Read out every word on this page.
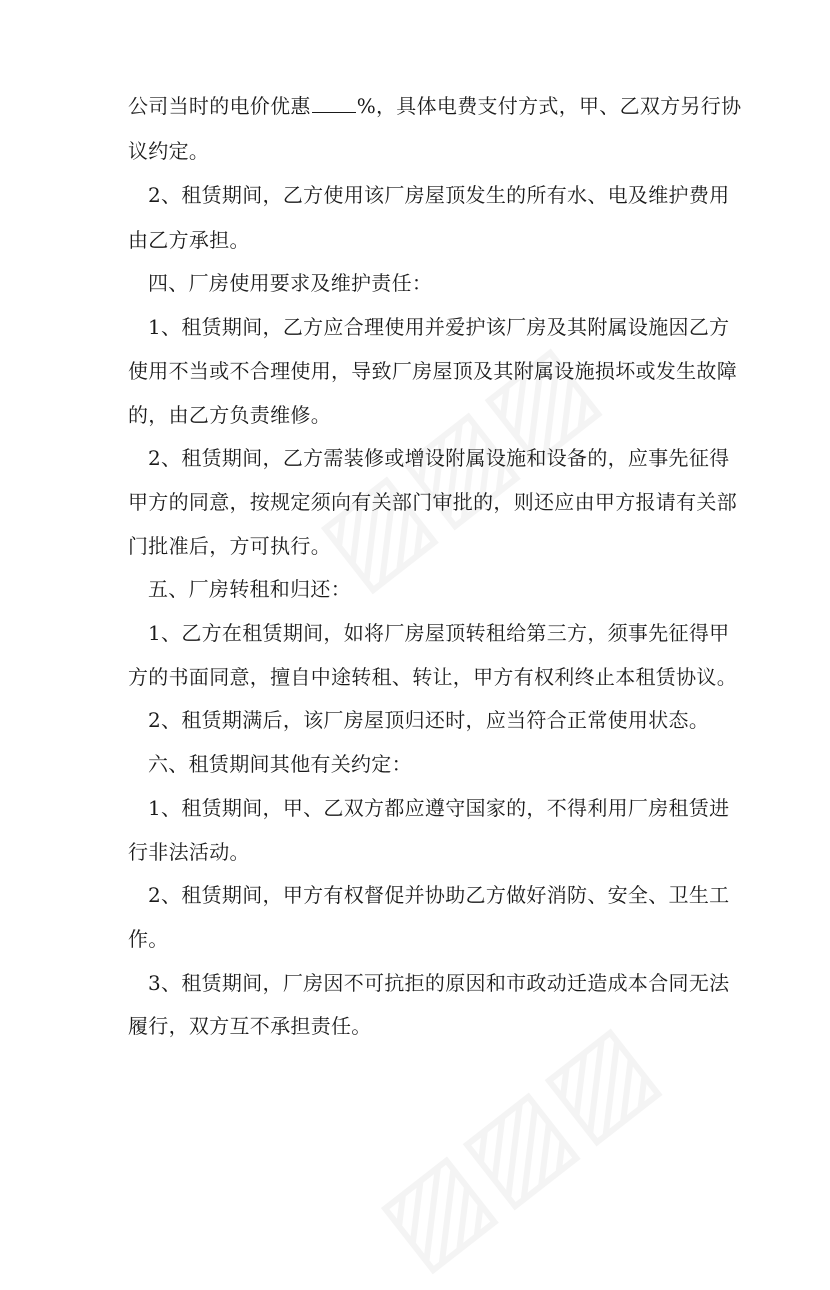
公司当时的电价优惠 %，具体电费支付方式，甲、乙双方另行协
议约定。
2、租赁期间，乙方使用该厂房屋顶发生的所有水、电及维护费用
由乙方承担。
四、厂房使用要求及维护责任：
1、租赁期间，乙方应合理使用并爱护该厂房及其附属设施因乙方
使用不当或不合理使用，导致厂房屋顶及其附属设施损坏或发生故障
的，由乙方负责维修。
2、租赁期间，乙方需装修或增设附属设施和设备的，应事先征得
甲方的同意，按规定须向有关部门审批的，则还应由甲方报请有关部
门批准后，方可执行。
五、厂房转租和归还：
1、乙方在租赁期间，如将厂房屋顶转租给第三方，须事先征得甲
方的书面同意，擅自中途转租、转让，甲方有权利终止本租赁协议。
2、租赁期满后，该厂房屋顶归还时，应当符合正常使用状态。
六、租赁期间其他有关约定：
1、租赁期间，甲、乙双方都应遵守国家的，不得利用厂房租赁进
行非法活动。
2、租赁期间，甲方有权督促并协助乙方做好消防、安全、卫生工
作。
3、租赁期间，厂房因不可抗拒的原因和市政动迁造成本合同无法
履行，双方互不承担责任。
